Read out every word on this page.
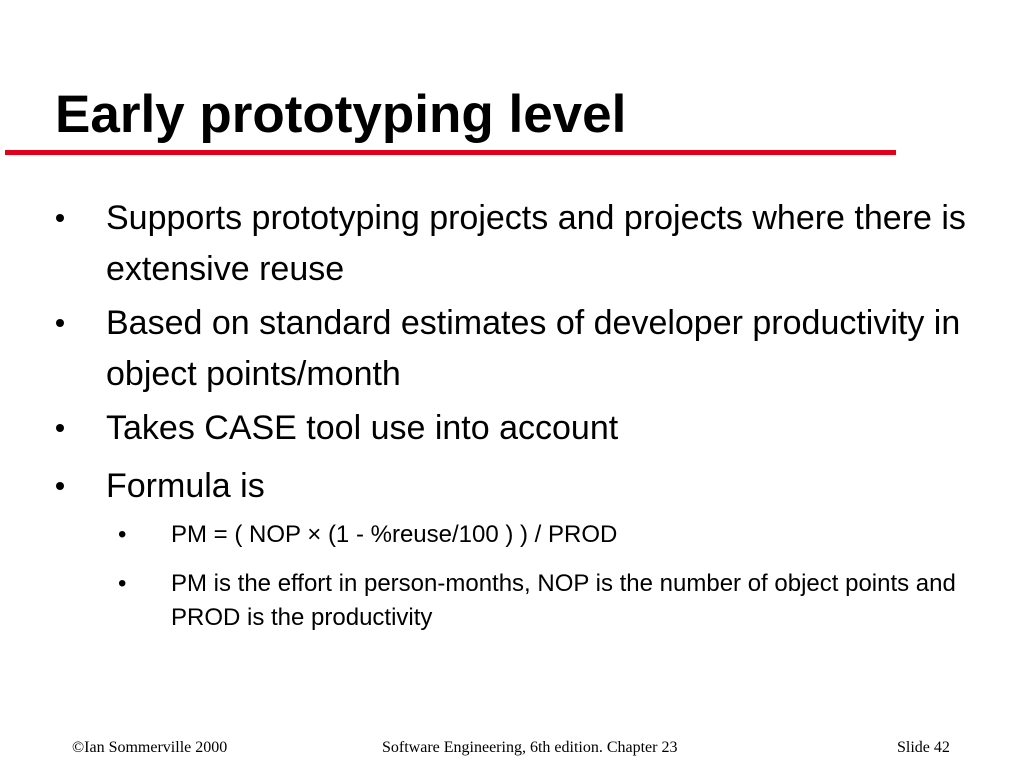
Early prototyping level
Supports prototyping projects and projects where there is extensive reuse
Based on standard estimates of developer productivity in object points/month
Takes CASE tool use into account
Formula is
• PM = ( NOP × (1 - %reuse/100 ) ) / PROD
• PM is the effort in person-months, NOP is the number of object points and PROD is the productivity
©Ian Sommerville 2000	Software Engineering, 6th edition. Chapter 23	Slide 42
